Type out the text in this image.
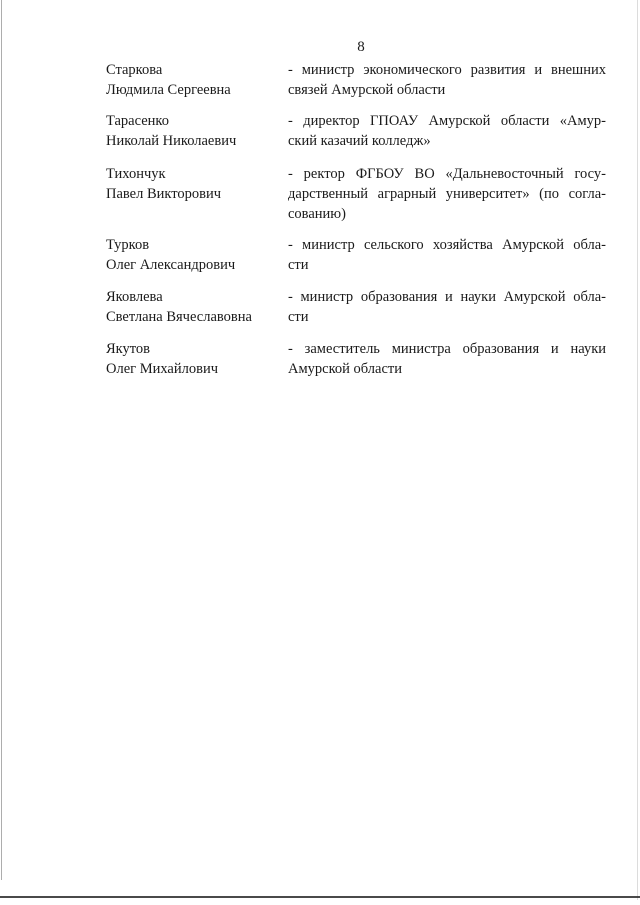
8
Старкова
Людмила Сергеевна
- министр экономического развития и внешних
связей Амурской области
Тарасенко
Николай Николаевич
- директор ГПОАУ Амурской области «Амур-
ский казачий колледж»
Тихончук
Павел Викторович
- ректор ФГБОУ ВО «Дальневосточный госу-
дарственный аграрный университет» (по согла-
сованию)
Турков
Олег Александрович
- министр сельского хозяйства Амурской обла-
сти
Яковлева
Светлана Вячеславовна
- министр образования и науки Амурской обла-
сти
Якутов
Олег Михайлович
- заместитель министра образования и науки
Амурской области
